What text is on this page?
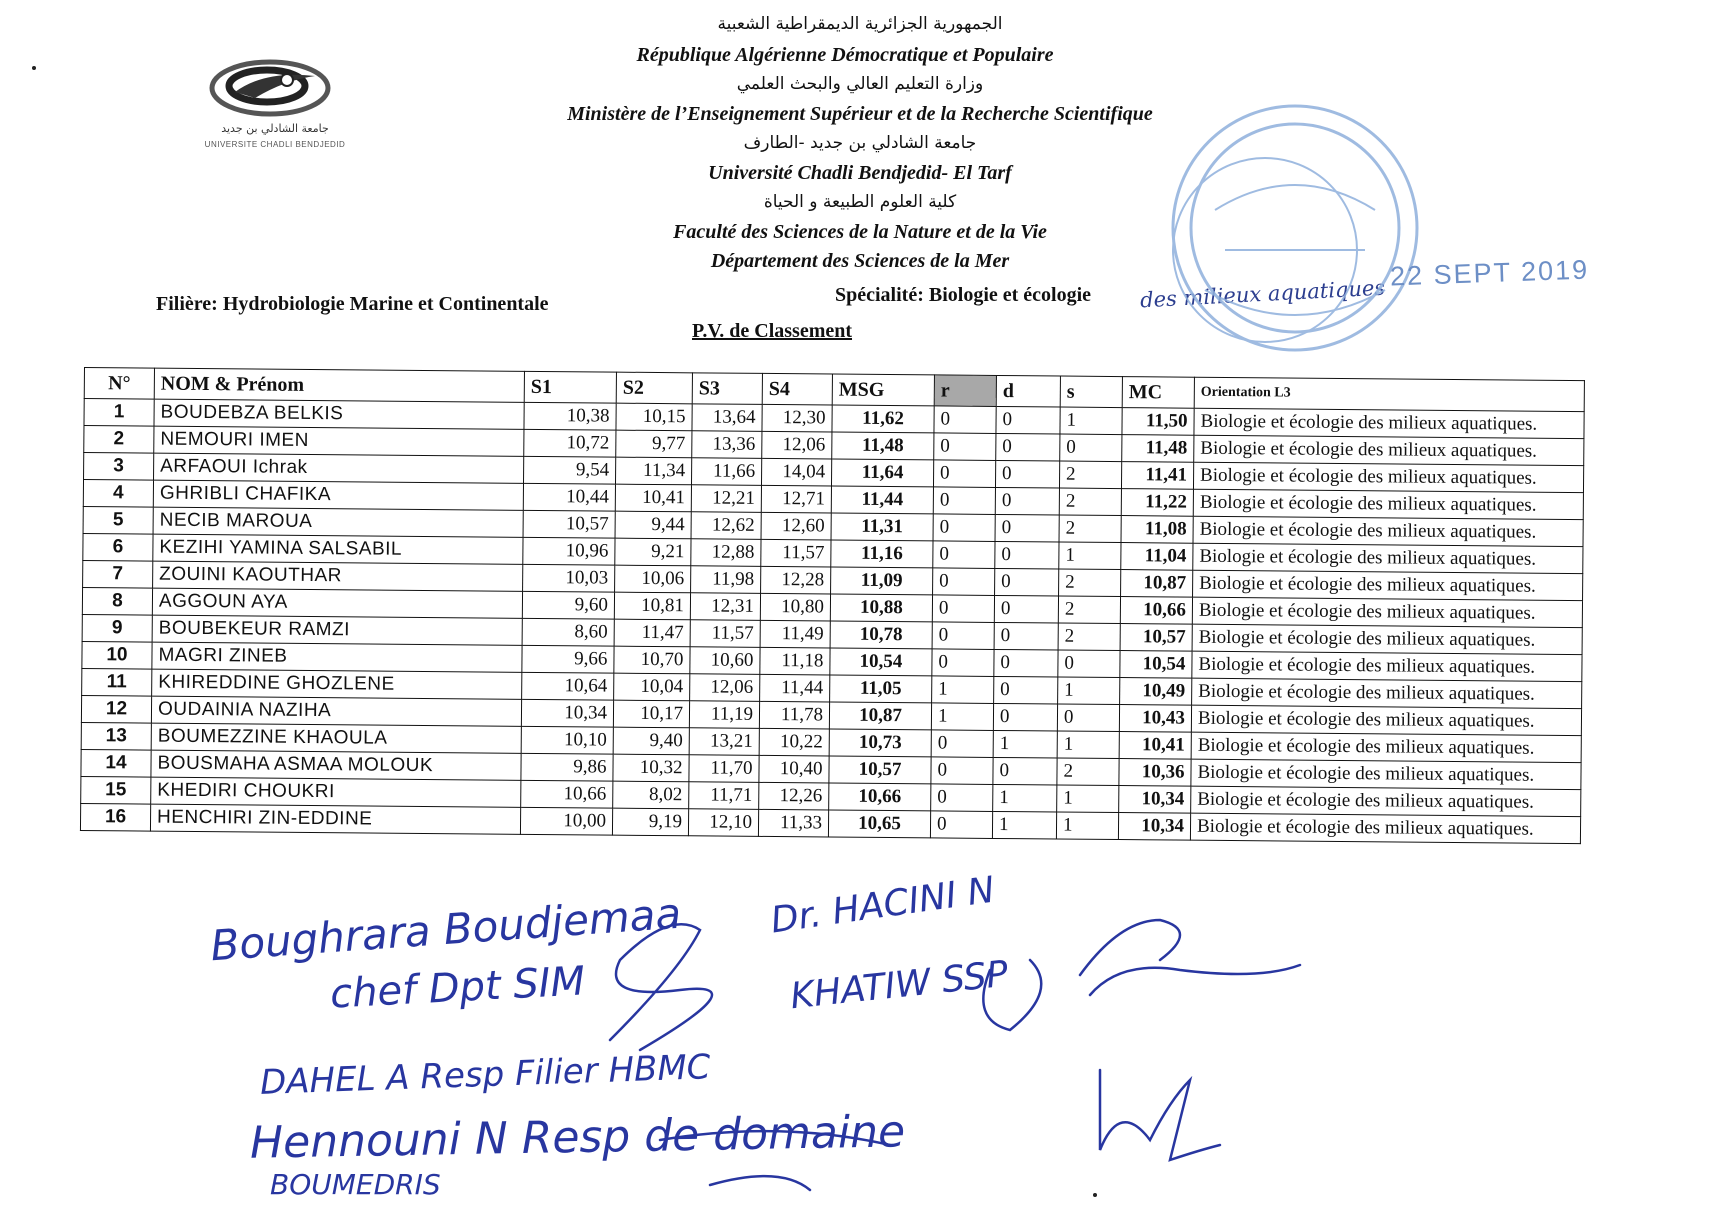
جامعة الشادلي بن جديد
UNIVERSITE CHADLI BENDJEDID
الجمهورية الجزائرية الديمقراطية الشعبية
République Algérienne Démocratique et Populaire
وزارة التعليم العالي والبحث العلمي
Ministère de l’Enseignement Supérieur et de la Recherche Scientifique
جامعة الشادلي بن جديد -الطارف
Université Chadli Bendjedid- El Tarf
كلية العلوم الطبيعة و الحياة
Faculté des Sciences de la Nature et de la Vie
Département des Sciences de la Mer
Filière: Hydrobiologie Marine et Continentale	Spécialité: Biologie et écologie des milieux aquatiques
22 SEPT 2019
P.V. de Classement
N°	NOM & Prénom	S1	S2	S3	S4	MSG	r	d	s	MC	Orientation L3
1	BOUDEBZA BELKIS	10,38	10,15	13,64	12,30	11,62	0	0	1	11,50	Biologie et écologie des milieux aquatiques.
2	NEMOURI IMEN	10,72	9,77	13,36	12,06	11,48	0	0	0	11,48	Biologie et écologie des milieux aquatiques.
3	ARFAOUI Ichrak	9,54	11,34	11,66	14,04	11,64	0	0	2	11,41	Biologie et écologie des milieux aquatiques.
4	GHRIBLI CHAFIKA	10,44	10,41	12,21	12,71	11,44	0	0	2	11,22	Biologie et écologie des milieux aquatiques.
5	NECIB MAROUA	10,57	9,44	12,62	12,60	11,31	0	0	2	11,08	Biologie et écologie des milieux aquatiques.
6	KEZIHI YAMINA SALSABIL	10,96	9,21	12,88	11,57	11,16	0	0	1	11,04	Biologie et écologie des milieux aquatiques.
7	ZOUINI KAOUTHAR	10,03	10,06	11,98	12,28	11,09	0	0	2	10,87	Biologie et écologie des milieux aquatiques.
8	AGGOUN AYA	9,60	10,81	12,31	10,80	10,88	0	0	2	10,66	Biologie et écologie des milieux aquatiques.
9	BOUBEKEUR RAMZI	8,60	11,47	11,57	11,49	10,78	0	0	2	10,57	Biologie et écologie des milieux aquatiques.
10	MAGRI ZINEB	9,66	10,70	10,60	11,18	10,54	0	0	0	10,54	Biologie et écologie des milieux aquatiques.
11	KHIREDDINE GHOZLENE	10,64	10,04	12,06	11,44	11,05	1	0	1	10,49	Biologie et écologie des milieux aquatiques.
12	OUDAINIA NAZIHA	10,34	10,17	11,19	11,78	10,87	1	0	0	10,43	Biologie et écologie des milieux aquatiques.
13	BOUMEZZINE KHAOULA	10,10	9,40	13,21	10,22	10,73	0	1	1	10,41	Biologie et écologie des milieux aquatiques.
14	BOUSMAHA ASMAA MOLOUK	9,86	10,32	11,70	10,40	10,57	0	0	2	10,36	Biologie et écologie des milieux aquatiques.
15	KHEDIRI CHOUKRI	10,66	8,02	11,71	12,26	10,66	0	1	1	10,34	Biologie et écologie des milieux aquatiques.
16	HENCHIRI ZIN-EDDINE	10,00	9,19	12,10	11,33	10,65	0	1	1	10,34	Biologie et écologie des milieux aquatiques.
Boughrara Boudjemaa
chef Dpt SIM
Dr. HACINI N
KHATIW SSP
DAHEL A Resp Filier HBMC
Hennouni N Resp de domaine
BOUMEDRIS
